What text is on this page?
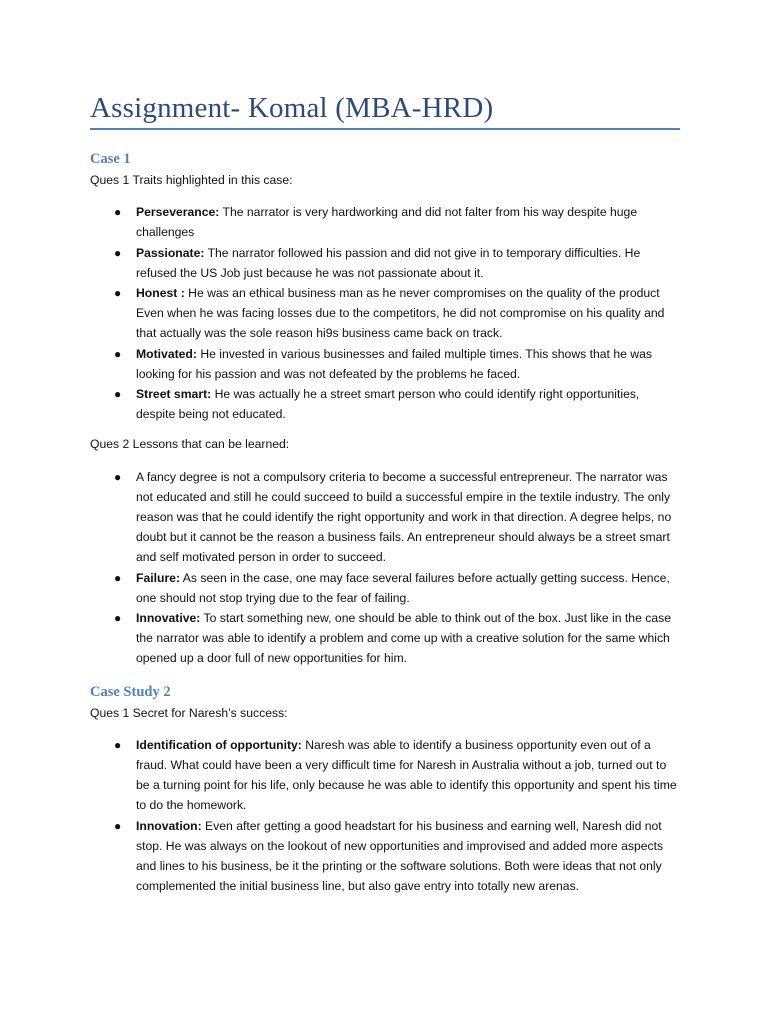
Assignment- Komal (MBA-HRD)
Case 1

Ques 1 Traits highlighted in this case:

● Perseverance: The narrator is very hardworking and did not falter from his way despite huge challenges
● Passionate: The narrator followed his passion and did not give in to temporary difficulties. He refused the US Job just because he was not passionate about it.
● Honest : He was an ethical business man as he never compromises on the quality of the product Even when he was facing losses due to the competitors, he did not compromise on his quality and that actually was the sole reason hi9s business came back on track.
● Motivated: He invested in various businesses and failed multiple times. This shows that he was looking for his passion and was not defeated by the problems he faced.
● Street smart: He was actually he a street smart person who could identify right opportunities, despite being not educated.

Ques 2 Lessons that can be learned:

● A fancy degree is not a compulsory criteria to become a successful entrepreneur. The narrator was not educated and still he could succeed to build a successful empire in the textile industry. The only reason was that he could identify the right opportunity and work in that direction. A degree helps, no doubt but it cannot be the reason a business fails. An entrepreneur should always be a street smart and self motivated person in order to succeed.
● Failure: As seen in the case, one may face several failures before actually getting success. Hence, one should not stop trying due to the fear of failing.
● Innovative: To start something new, one should be able to think out of the box. Just like in the case the narrator was able to identify a problem and come up with a creative solution for the same which opened up a door full of new opportunities for him.
Case Study 2

Ques 1 Secret for Naresh’s success:

● Identification of opportunity: Naresh was able to identify a business opportunity even out of a fraud. What could have been a very difficult time for Naresh in Australia without a job, turned out to be a turning point for his life, only because he was able to identify this opportunity and spent his time to do the homework.
● Innovation: Even after getting a good headstart for his business and earning well, Naresh did not stop. He was always on the lookout of new opportunities and improvised and added more aspects and lines to his business, be it the printing or the software solutions. Both were ideas that not only complemented the initial business line, but also gave entry into totally new arenas.
